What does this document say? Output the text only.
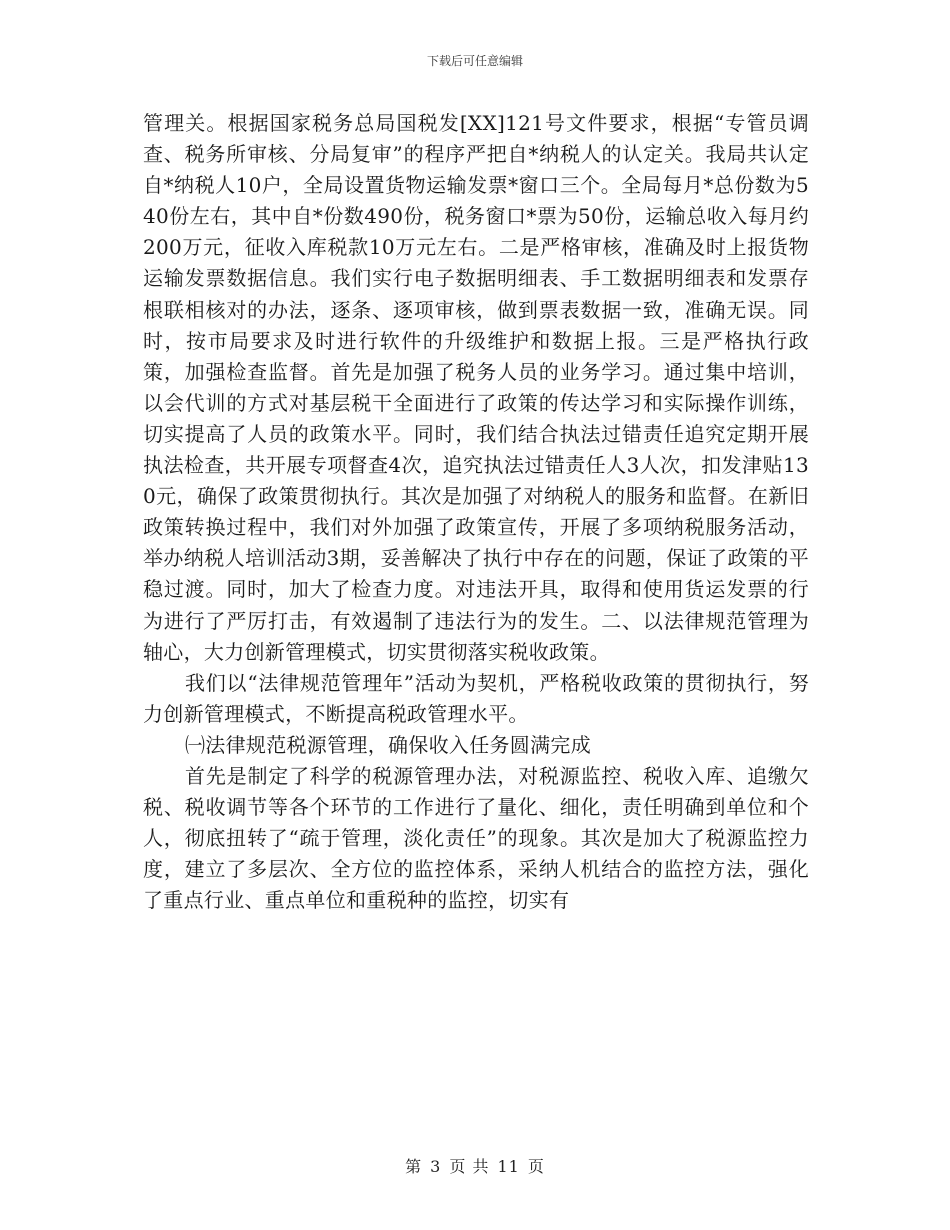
下载后可任意编辑

管理关。根据国家税务总局国税发[XX]121号文件要求，根据“专管员调查、税务所审核、分局复审”的程序严把自*纳税人的认定关。我局共认定自*纳税人10户，全局设置货物运输发票*窗口三个。全局每月*总份数为540份左右，其中自*份数490份，税务窗口*票为50份，运输总收入每月约200万元，征收入库税款10万元左右。二是严格审核，准确及时上报货物运输发票数据信息。我们实行电子数据明细表、手工数据明细表和发票存根联相核对的办法，逐条、逐项审核，做到票表数据一致，准确无误。同时，按市局要求及时进行软件的升级维护和数据上报。三是严格执行政策，加强检查监督。首先是加强了税务人员的业务学习。通过集中培训，以会代训的方式对基层税干全面进行了政策的传达学习和实际操作训练，切实提高了人员的政策水平。同时，我们结合执法过错责任追究定期开展执法检查，共开展专项督查4次，追究执法过错责任人3人次，扣发津贴130元，确保了政策贯彻执行。其次是加强了对纳税人的服务和监督。在新旧政策转换过程中，我们对外加强了政策宣传，开展了多项纳税服务活动，举办纳税人培训活动3期，妥善解决了执行中存在的问题，保证了政策的平稳过渡。同时，加大了检查力度。对违法开具，取得和使用货运发票的行为进行了严厉打击，有效遏制了违法行为的发生。二、以法律规范管理为轴心，大力创新管理模式，切实贯彻落实税收政策。

我们以“法律规范管理年”活动为契机，严格税收政策的贯彻执行，努力创新管理模式，不断提高税政管理水平。

㈠法律规范税源管理，确保收入任务圆满完成

首先是制定了科学的税源管理办法，对税源监控、税收入库、追缴欠税、税收调节等各个环节的工作进行了量化、细化，责任明确到单位和个人，彻底扭转了“疏于管理，淡化责任”的现象。其次是加大了税源监控力度，建立了多层次、全方位的监控体系，采纳人机结合的监控方法，强化了重点行业、重点单位和重税种的监控，切实有

第 3 页 共 11 页
